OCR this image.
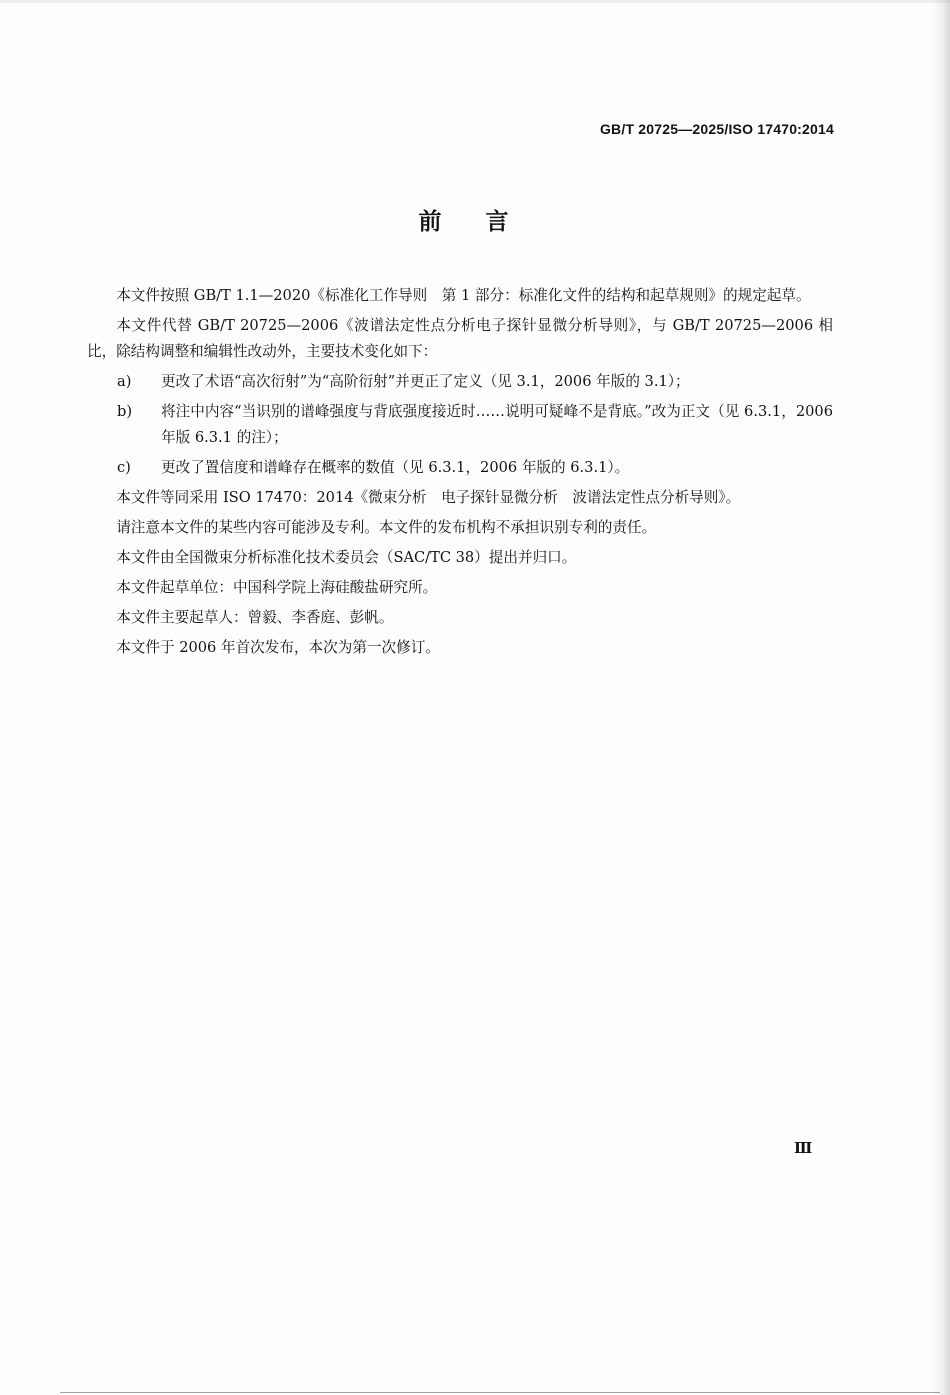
GB/T 20725—2025/ISO 17470:2014
前言

本文件按照 GB/T 1.1—2020《标准化工作导则　第 1 部分：标准化文件的结构和起草规则》的规定起草。

本文件代替 GB/T 20725—2006《波谱法定性点分析电子探针显微分析导则》，与 GB/T 20725—2006 相比，除结构调整和编辑性改动外，主要技术变化如下：

a)	更改了术语“高次衍射”为“高阶衍射”并更正了定义（见 3.1，2006 年版的 3.1）；
b)	将注中内容“当识别的谱峰强度与背底强度接近时……说明可疑峰不是背底。”改为正文（见 6.3.1，2006 年版 6.3.1 的注）；
c)	更改了置信度和谱峰存在概率的数值（见 6.3.1，2006 年版的 6.3.1）。

本文件等同采用 ISO 17470：2014《微束分析　电子探针显微分析　波谱法定性点分析导则》。

请注意本文件的某些内容可能涉及专利。本文件的发布机构不承担识别专利的责任。

本文件由全国微束分析标准化技术委员会（SAC/TC 38）提出并归口。

本文件起草单位：中国科学院上海硅酸盐研究所。

本文件主要起草人：曾毅、李香庭、彭帆。

本文件于 2006 年首次发布，本次为第一次修订。

Ⅲ
